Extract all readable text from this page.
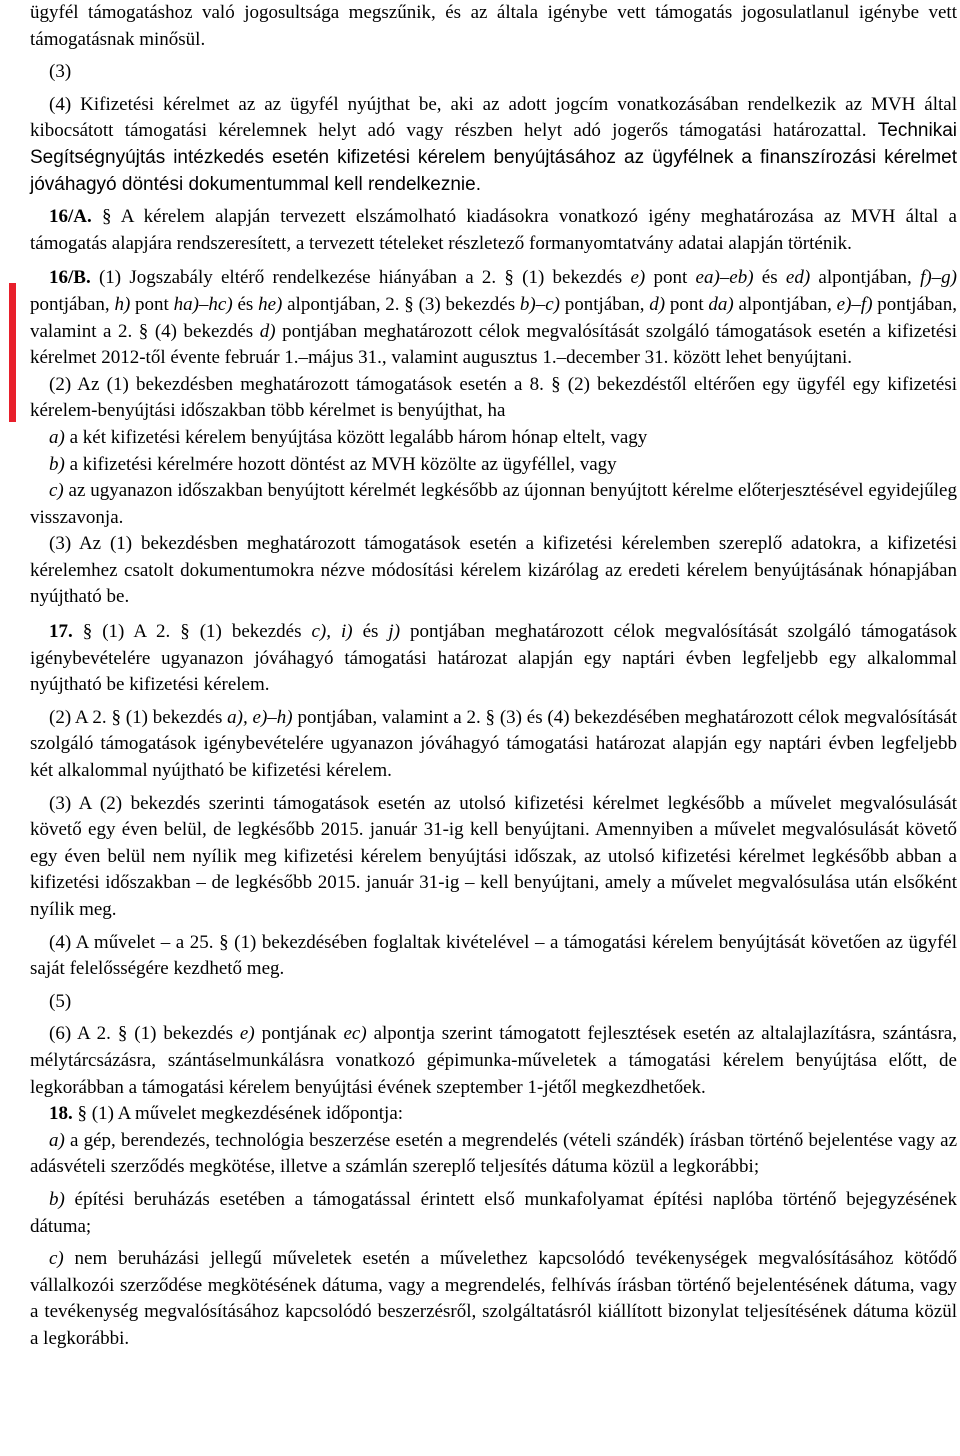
ügyfél támogatáshoz való jogosultsága megszűnik, és az általa igénybe vett támogatás jogosulatlanul igénybe vett támogatásnak minősül.

(3)

(4) Kifizetési kérelmet az az ügyfél nyújthat be, aki az adott jogcím vonatkozásában rendelkezik az MVH által kibocsátott támogatási kérelemnek helyt adó vagy részben helyt adó jogerős támogatási határozattal. Technikai Segítségnyújtás intézkedés esetén kifizetési kérelem benyújtásához az ügyfélnek a finanszírozási kérelmet jóváhagyó döntési dokumentummal kell rendelkeznie.

16/A. § A kérelem alapján tervezett elszámolható kiadásokra vonatkozó igény meghatározása az MVH által a támogatás alapjára rendszeresített, a tervezett tételeket részletező formanyomtatvány adatai alapján történik.

16/B. (1) Jogszabály eltérő rendelkezése hiányában a 2. § (1) bekezdés e) pont ea)–eb) és ed) alpontjában, f)–g) pontjában, h) pont ha)–hc) és he) alpontjában, 2. § (3) bekezdés b)–c) pontjában, d) pont da) alpontjában, e)–f) pontjában, valamint a 2. § (4) bekezdés d) pontjában meghatározott célok megvalósítását szolgáló támogatások esetén a kifizetési kérelmet 2012-től évente február 1.–május 31., valamint augusztus 1.–december 31. között lehet benyújtani.

(2) Az (1) bekezdésben meghatározott támogatások esetén a 8. § (2) bekezdéstől eltérően egy ügyfél egy kifizetési kérelem-benyújtási időszakban több kérelmet is benyújthat, ha

a) a két kifizetési kérelem benyújtása között legalább három hónap eltelt, vagy

b) a kifizetési kérelmére hozott döntést az MVH közölte az ügyféllel, vagy

c) az ugyanazon időszakban benyújtott kérelmét legkésőbb az újonnan benyújtott kérelme előterjesztésével egyidejűleg visszavonja.

(3) Az (1) bekezdésben meghatározott támogatások esetén a kifizetési kérelemben szereplő adatokra, a kifizetési kérelemhez csatolt dokumentumokra nézve módosítási kérelem kizárólag az eredeti kérelem benyújtásának hónapjában nyújtható be.

17. § (1) A 2. § (1) bekezdés c), i) és j) pontjában meghatározott célok megvalósítását szolgáló támogatások igénybevételére ugyanazon jóváhagyó támogatási határozat alapján egy naptári évben legfeljebb egy alkalommal nyújtható be kifizetési kérelem.

(2) A 2. § (1) bekezdés a), e)–h) pontjában, valamint a 2. § (3) és (4) bekezdésében meghatározott célok megvalósítását szolgáló támogatások igénybevételére ugyanazon jóváhagyó támogatási határozat alapján egy naptári évben legfeljebb két alkalommal nyújtható be kifizetési kérelem.

(3) A (2) bekezdés szerinti támogatások esetén az utolsó kifizetési kérelmet legkésőbb a művelet megvalósulását követő egy éven belül, de legkésőbb 2015. január 31-ig kell benyújtani. Amennyiben a művelet megvalósulását követő egy éven belül nem nyílik meg kifizetési kérelem benyújtási időszak, az utolsó kifizetési kérelmet legkésőbb abban a kifizetési időszakban – de legkésőbb 2015. január 31-ig – kell benyújtani, amely a művelet megvalósulása után elsőként nyílik meg.

(4) A művelet – a 25. § (1) bekezdésében foglaltak kivételével – a támogatási kérelem benyújtását követően az ügyfél saját felelősségére kezdhető meg.

(5)

(6) A 2. § (1) bekezdés e) pontjának ec) alpontja szerint támogatott fejlesztések esetén az altalajlazításra, szántásra, mélytárcsázásra, szántáselmunkálásra vonatkozó gépimunka-műveletek a támogatási kérelem benyújtása előtt, de legkorábban a támogatási kérelem benyújtási évének szeptember 1-jétől megkezdhetőek.

18. § (1) A művelet megkezdésének időpontja:

a) a gép, berendezés, technológia beszerzése esetén a megrendelés (vételi szándék) írásban történő bejelentése vagy az adásvételi szerződés megkötése, illetve a számlán szereplő teljesítés dátuma közül a legkorábbi;

b) építési beruházás esetében a támogatással érintett első munkafolyamat építési naplóba történő bejegyzésének dátuma;

c) nem beruházási jellegű műveletek esetén a művelethez kapcsolódó tevékenységek megvalósításához kötődő vállalkozói szerződése megkötésének dátuma, vagy a megrendelés, felhívás írásban történő bejelentésének dátuma, vagy a tevékenység megvalósításához kapcsolódó beszerzésről, szolgáltatásról kiállított bizonylat teljesítésének dátuma közül a legkorábbi.
